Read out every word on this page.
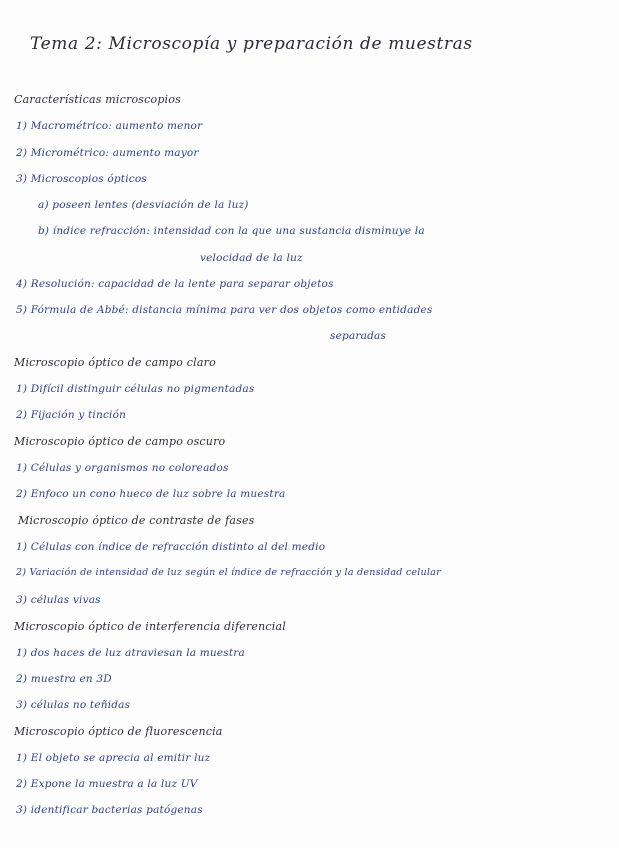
Tema 2: Microscopía y preparación de muestras
Características microscopios
1) Macrométrico: aumento menor
2) Micrométrico: aumento mayor
3) Microscopios ópticos
a) poseen lentes (desviación de la luz)
b) índice refracción: intensidad con la que una sustancia disminuye la
velocidad de la luz
4) Resolución: capacidad de la lente para separar objetos
5) Fórmula de Abbé: distancia mínima para ver dos objetos como entidades
separadas
Microscopio óptico de campo claro
1) Difícil distinguir células no pigmentadas
2) Fijación y tinción
Microscopio óptico de campo oscuro
1) Células y organismos no coloreados
2) Enfoco un cono hueco de luz sobre la muestra
Microscopio óptico de contraste de fases
1) Células con índice de refracción distinto al del medio
2) Variación de intensidad de luz según el índice de refracción y la densidad celular
3) células vivas
Microscopio óptico de interferencia diferencial
1) dos haces de luz atraviesan la muestra
2) muestra en 3D
3) células no teñidas
Microscopio óptico de fluorescencia
1) El objeto se aprecia al emitir luz
2) Expone la muestra a la luz UV
3) identificar bacterias patógenas
